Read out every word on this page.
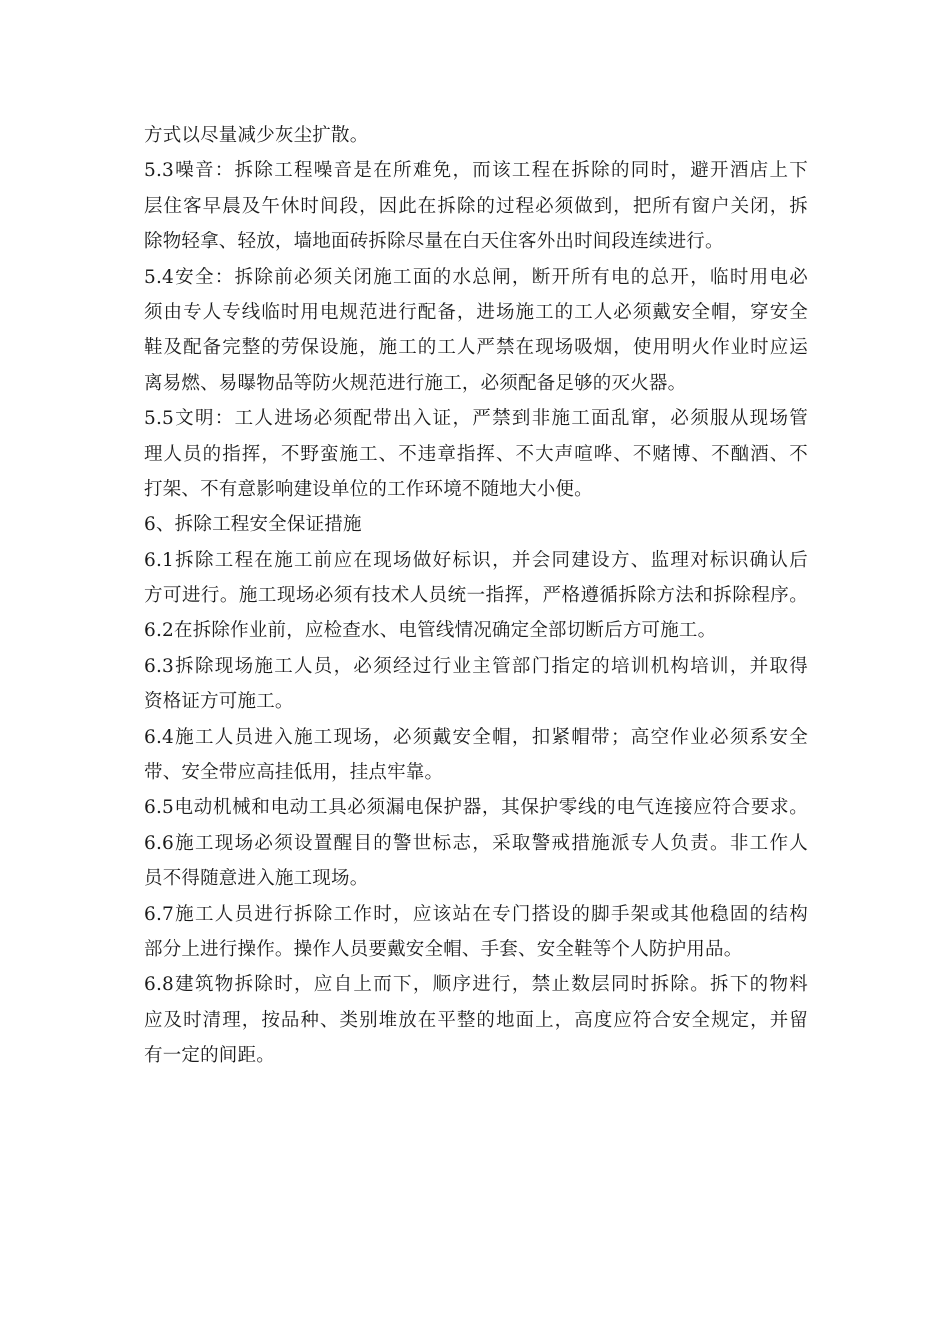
方式以尽量减少灰尘扩散。
5.3噪音：拆除工程噪音是在所难免，而该工程在拆除的同时，避开酒店上下
层住客早晨及午休时间段，因此在拆除的过程必须做到，把所有窗户关闭，拆
除物轻拿、轻放，墙地面砖拆除尽量在白天住客外出时间段连续进行。
5.4安全：拆除前必须关闭施工面的水总闸，断开所有电的总开，临时用电必
须由专人专线临时用电规范进行配备，进场施工的工人必须戴安全帽，穿安全
鞋及配备完整的劳保设施，施工的工人严禁在现场吸烟，使用明火作业时应运
离易燃、易曝物品等防火规范进行施工，必须配备足够的灭火器。
5.5文明：工人进场必须配带出入证，严禁到非施工面乱窜，必须服从现场管
理人员的指挥，不野蛮施工、不违章指挥、不大声喧哗、不赌博、不酗酒、不
打架、不有意影响建设单位的工作环境不随地大小便。
6、拆除工程安全保证措施
6.1拆除工程在施工前应在现场做好标识，并会同建设方、监理对标识确认后
方可进行。施工现场必须有技术人员统一指挥，严格遵循拆除方法和拆除程序。
6.2在拆除作业前，应检查水、电管线情况确定全部切断后方可施工。
6.3拆除现场施工人员，必须经过行业主管部门指定的培训机构培训，并取得
资格证方可施工。
6.4施工人员进入施工现场，必须戴安全帽，扣紧帽带；高空作业必须系安全
带、安全带应高挂低用，挂点牢靠。
6.5电动机械和电动工具必须漏电保护器，其保护零线的电气连接应符合要求。
6.6施工现场必须设置醒目的警世标志，采取警戒措施派专人负责。非工作人
员不得随意进入施工现场。
6.7施工人员进行拆除工作时，应该站在专门搭设的脚手架或其他稳固的结构
部分上进行操作。操作人员要戴安全帽、手套、安全鞋等个人防护用品。
6.8建筑物拆除时，应自上而下，顺序进行，禁止数层同时拆除。拆下的物料
应及时清理，按品种、类别堆放在平整的地面上，高度应符合安全规定，并留
有一定的间距。
